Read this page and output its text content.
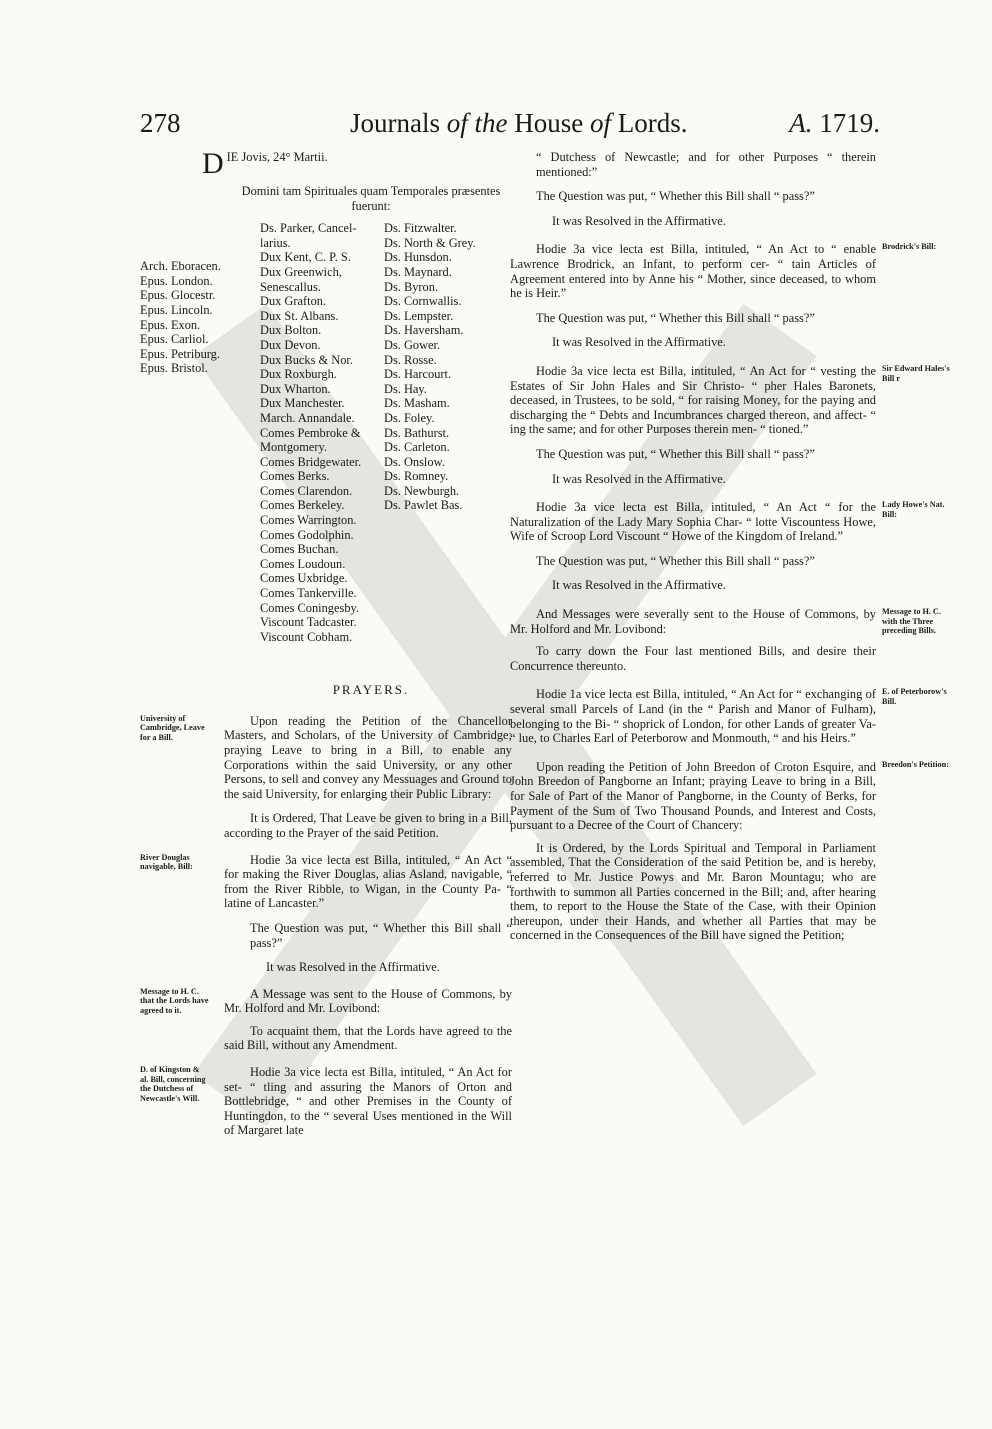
278	Journals of the House of Lords.	A. 1719.
D IE Jovis, 24° Martii.

Domini tam Spirituales quam Temporales præsentes

fuerunt:

Arch. Eboracen.
Epus. London.
Epus. Glocestr.
Epus. Lincoln.
Epus. Exon.
Epus. Carliol.
Epus. Petriburg.
Epus. Bristol.
Ds. Parker, Cancel-
larius.
Dux Kent, C. P. S.
Dux Greenwich,
Senescallus.
Dux Grafton.
Dux St. Albans.
Dux Bolton.
Dux Devon.
Dux Bucks & Nor.
Dux Roxburgh.
Dux Wharton.
Dux Manchester.
March. Annandale.
Comes Pembroke &
Montgomery.
Comes Bridgewater.
Comes Berks.
Comes Clarendon.
Comes Berkeley.
Comes Warrington.
Comes Godolphin.
Comes Buchan.
Comes Loudoun.
Comes Uxbridge.
Comes Tankerville.
Comes Coningesby.
Viscount Tadcaster.
Viscount Cobham.
Ds. Fitzwalter.
Ds. North & Grey.
Ds. Hunsdon.
Ds. Maynard.
Ds. Byron.
Ds. Cornwallis.
Ds. Lempster.
Ds. Haversham.
Ds. Gower.
Ds. Rosse.
Ds. Harcourt.
Ds. Hay.
Ds. Masham.
Ds. Foley.
Ds. Bathurst.
Ds. Carleton.
Ds. Onslow.
Ds. Romney.
Ds. Newburgh.
Ds. Pawlet Bas.
PRAYERS.
University of Cambridge, Leave for a Bill.

Upon reading the Petition of the Chancellor Masters, and Scholars, of the University of Cambridge; praying Leave to bring in a Bill, to enable any Corporations within the said University, or any other Persons, to sell and convey any Messuages and Ground to the said University, for enlarging their Public Library:

It is Ordered, That Leave be given to bring in a Bill, according to the Prayer of the said Petition.

River Douglas navigable, Bill:

Hodie 3a vice lecta est Billa, intituled, “ An Act “ for making the River Douglas, alias Asland, navigable, “ from the River Ribble, to Wigan, in the County Pa- “ latine of Lancaster.”

The Question was put, “ Whether this Bill shall “ pass?”

It was Resolved in the Affirmative.

Message to H. C. that the Lords have agreed to it.

A Message was sent to the House of Commons, by Mr. Holford and Mr. Lovibond:

To acquaint them, that the Lords have agreed to the said Bill, without any Amendment.

D. of Kingston & al. Bill, concerning the Dutchess of Newcastle's Will.

Hodie 3a vice lecta est Billa, intituled, “ An Act for set- “ tling and assuring the Manors of Orton and Bottlebridge, “ and other Premises in the County of Huntingdon, to the “ several Uses mentioned in the Will of Margaret late

“ Dutchess of Newcastle; and for other Purposes “ therein mentioned:”

The Question was put, “ Whether this Bill shall “ pass?”

It was Resolved in the Affirmative.

Brodrick's Bill:

Hodie 3a vice lecta est Billa, intituled, “ An Act to “ enable Lawrence Brodrick, an Infant, to perform cer- “ tain Articles of Agreement entered into by Anne his “ Mother, since deceased, to whom he is Heir.”

The Question was put, “ Whether this Bill shall “ pass?”

It was Resolved in the Affirmative.

Sir Edward Hales's Bill r

Hodie 3a vice lecta est Billa, intituled, “ An Act for “ vesting the Estates of Sir John Hales and Sir Christo- “ pher Hales Baronets, deceased, in Trustees, to be sold, “ for raising Money, for the paying and discharging the “ Debts and Incumbrances charged thereon, and affect- “ ing the same; and for other Purposes therein men- “ tioned.”

The Question was put, “ Whether this Bill shall “ pass?”

It was Resolved in the Affirmative.

Lady Howe's Nat. Bill:

Hodie 3a vice lecta est Billa, intituled, “ An Act “ for the Naturalization of the Lady Mary Sophia Char- “ lotte Viscountess Howe, Wife of Scroop Lord Viscount “ Howe of the Kingdom of Ireland.”

The Question was put, “ Whether this Bill shall “ pass?”

It was Resolved in the Affirmative.

Message to H. C. with the Three preceding Bills.

And Messages were severally sent to the House of Commons, by Mr. Holford and Mr. Lovibond:

To carry down the Four last mentioned Bills, and desire their Concurrence thereunto.

E. of Peterborow's Bill.

Hodie 1a vice lecta est Billa, intituled, “ An Act for “ exchanging of several small Parcels of Land (in the “ Parish and Manor of Fulham), belonging to the Bi- “ shoprick of London, for other Lands of greater Va- “ lue, to Charles Earl of Peterborow and Monmouth, “ and his Heirs.”

Breedon's Petition:

Upon reading the Petition of John Breedon of Croton Esquire, and John Breedon of Pangborne an Infant; praying Leave to bring in a Bill, for Sale of Part of the Manor of Pangborne, in the County of Berks, for Payment of the Sum of Two Thousand Pounds, and Interest and Costs, pursuant to a Decree of the Court of Chancery:

It is Ordered, by the Lords Spiritual and Temporal in Parliament assembled, That the Consideration of the said Petition be, and is hereby, referred to Mr. Justice Powys and Mr. Baron Mountagu; who are forthwith to summon all Parties concerned in the Bill; and, after hearing them, to report to the House the State of the Case, with their Opinion thereupon, under their Hands, and whether all Parties that may be concerned in the Consequences of the Bill have signed the Petition;
